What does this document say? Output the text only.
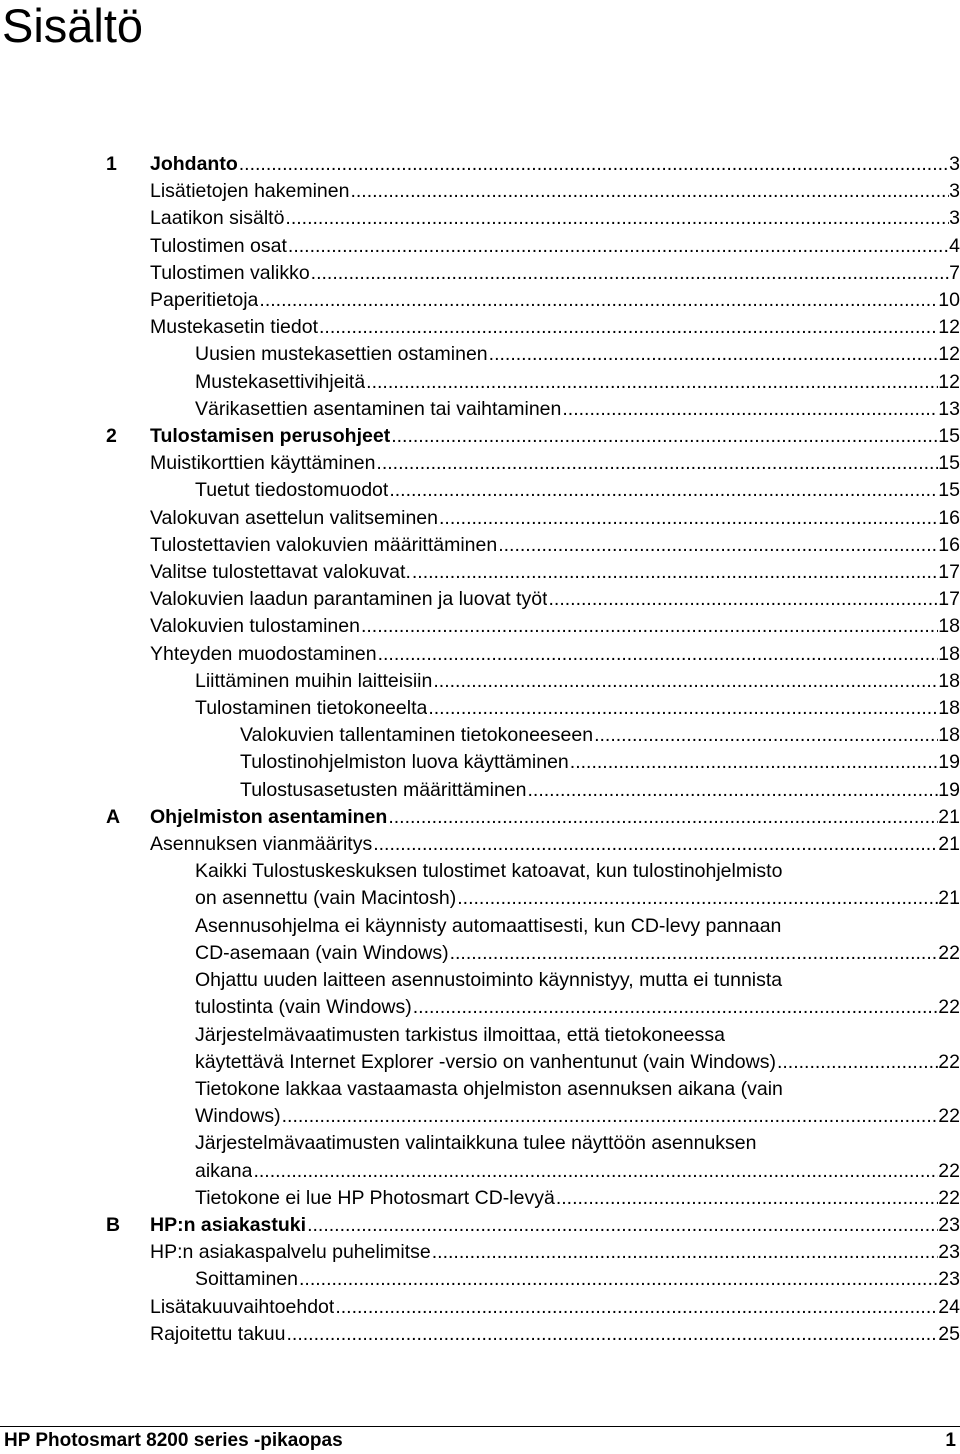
Sisältö
1 Johdanto .....	3
Lisätietojen hakeminen .....	3
Laatikon sisältö .....	3
Tulostimen osat .....	4
Tulostimen valikko .....	7
Paperitietoja .....	10
Mustekasetin tiedot .....	12
Uusien mustekasettien ostaminen .....	12
Mustekasettivihjeitä .....	12
Värikasettien asentaminen tai vaihtaminen .....	13
2 Tulostamisen perusohjeet .....	15
Muistikorttien käyttäminen .....	15
Tuetut tiedostomuodot .....	15
Valokuvan asettelun valitseminen .....	16
Tulostettavien valokuvien määrittäminen .....	16
Valitse tulostettavat valokuvat. .....	17
Valokuvien laadun parantaminen ja luovat työt .....	17
Valokuvien tulostaminen .....	18
Yhteyden muodostaminen .....	18
Liittäminen muihin laitteisiin .....	18
Tulostaminen tietokoneelta .....	18
Valokuvien tallentaminen tietokoneeseen .....	18
Tulostinohjelmiston luova käyttäminen .....	19
Tulostusasetusten määrittäminen .....	19
A Ohjelmiston asentaminen .....	21
Asennuksen vianmääritys .....	21
Kaikki Tulostuskeskuksen tulostimet katoavat, kun tulostinohjelmisto
on asennettu (vain Macintosh) .....	21
Asennusohjelma ei käynnisty automaattisesti, kun CD-levy pannaan
CD-asemaan (vain Windows) .....	22
Ohjattu uuden laitteen asennustoiminto käynnistyy, mutta ei tunnista
tulostinta (vain Windows) .....	22
Järjestelmävaatimusten tarkistus ilmoittaa, että tietokoneessa
käytettävä Internet Explorer -versio on vanhentunut (vain Windows) .....	22
Tietokone lakkaa vastaamasta ohjelmiston asennuksen aikana (vain
Windows) .....	22
Järjestelmävaatimusten valintaikkuna tulee näyttöön asennuksen
aikana .....	22
Tietokone ei lue HP Photosmart CD-levyä .....	22
B HP:n asiakastuki .....	23
HP:n asiakaspalvelu puhelimitse .....	23
Soittaminen .....	23
Lisätakuuvaihtoehdot .....	24
Rajoitettu takuu .....	25
HP Photosmart 8200 series -pikaopas	1
